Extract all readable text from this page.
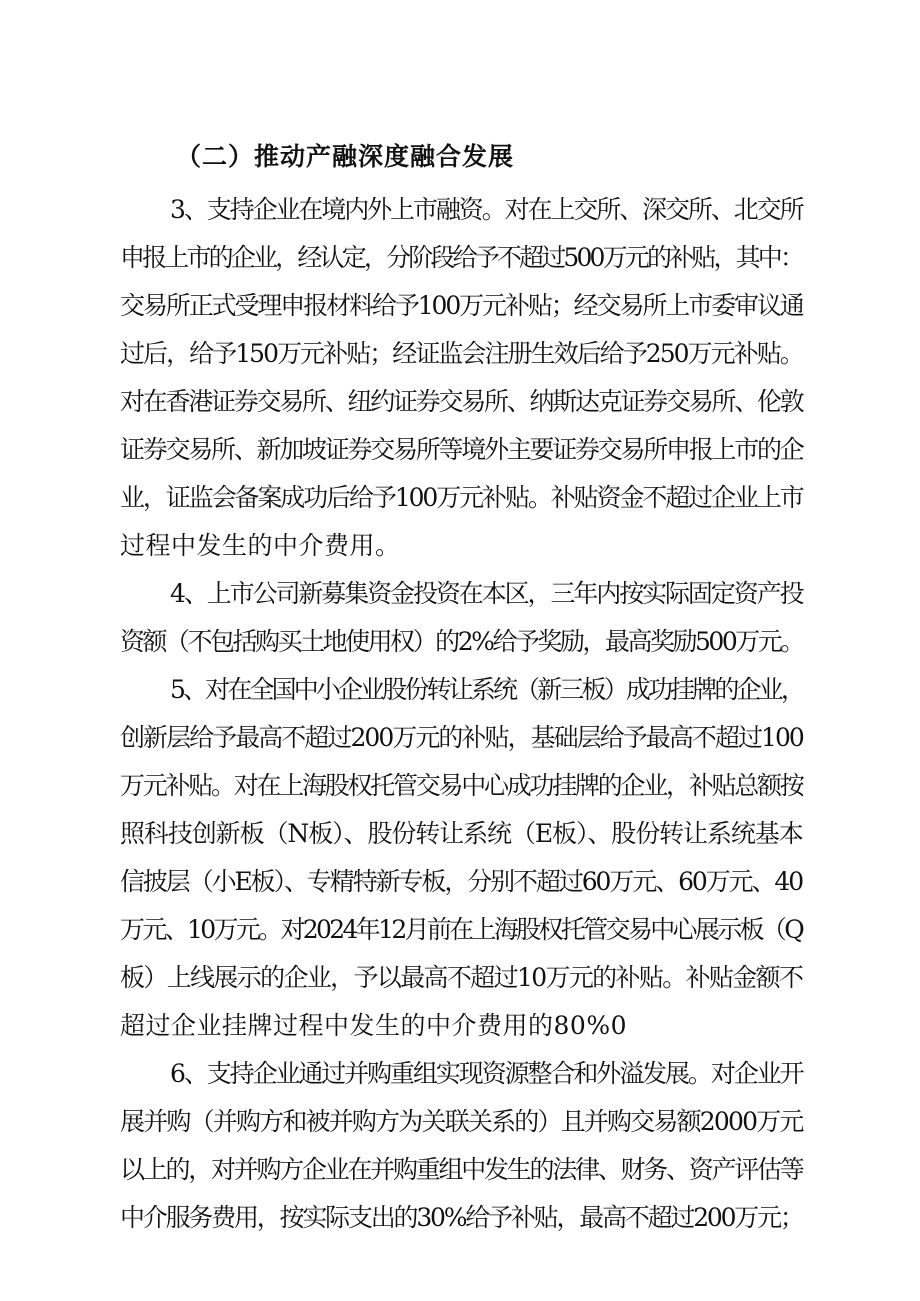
（二）推动产融深度融合发展

3、支持企业在境内外上市融资。对在上交所、深交所、北交所
申报上市的企业，经认定，分阶段给予不超过500万元的补贴，其中：
交易所正式受理申报材料给予100万元补贴；经交易所上市委审议通
过后，给予150万元补贴；经证监会注册生效后给予250万元补贴。
对在香港证券交易所、纽约证券交易所、纳斯达克证券交易所、伦敦
证券交易所、新加坡证券交易所等境外主要证券交易所申报上市的企
业，证监会备案成功后给予100万元补贴。补贴资金不超过企业上市
过程中发生的中介费用。

4、上市公司新募集资金投资在本区，三年内按实际固定资产投
资额（不包括购买土地使用权）的2%给予奖励，最高奖励500万元。

5、对在全国中小企业股份转让系统（新三板）成功挂牌的企业，
创新层给予最高不超过200万元的补贴，基础层给予最高不超过100
万元补贴。对在上海股权托管交易中心成功挂牌的企业，补贴总额按
照科技创新板（N板）、股份转让系统（E板）、股份转让系统基本
信披层（小E板）、专精特新专板，分别不超过60万元、60万元、40
万元、10万元。对2024年12月前在上海股权托管交易中心展示板（Q
板）上线展示的企业，予以最高不超过10万元的补贴。补贴金额不
超过企业挂牌过程中发生的中介费用的80%0

6、支持企业通过并购重组实现资源整合和外溢发展。对企业开
展并购（并购方和被并购方为关联关系的）且并购交易额2000万元
以上的，对并购方企业在并购重组中发生的法律、财务、资产评估等
中介服务费用，按实际支出的30%给予补贴，最高不超过200万元；
